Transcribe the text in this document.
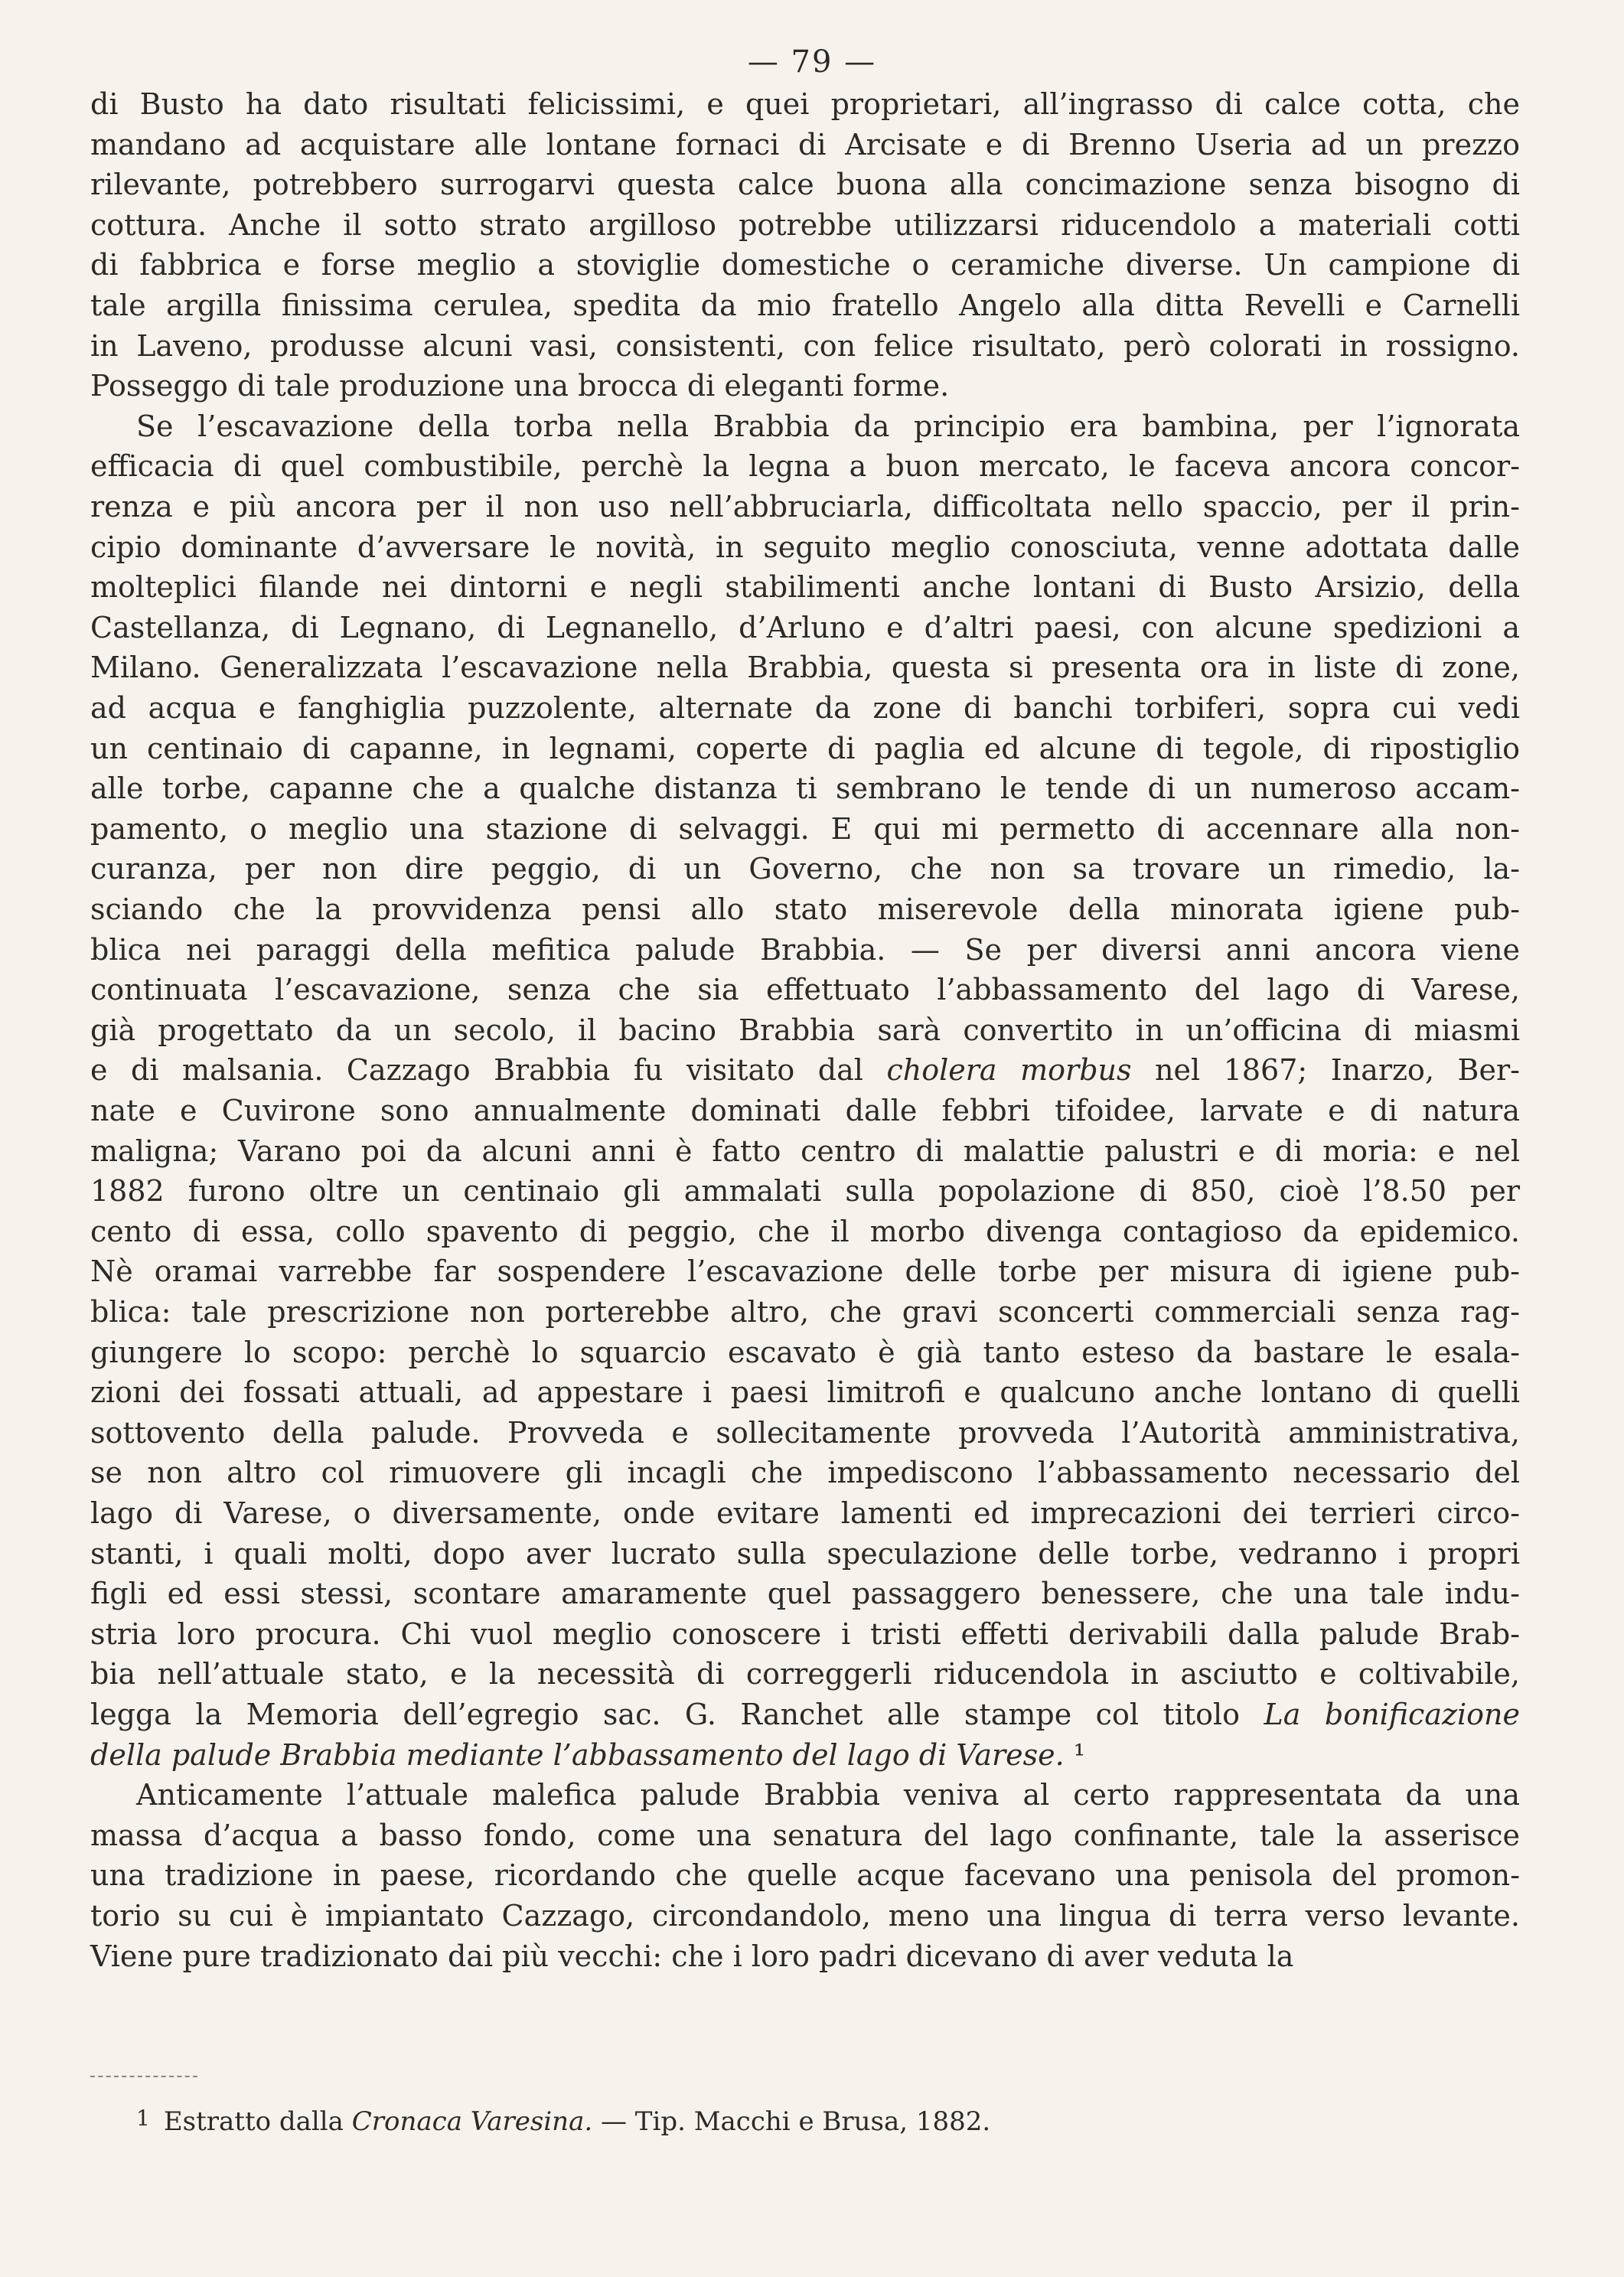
— 79 —
di Busto ha dato risultati felicissimi, e quei proprietari, all’ingrasso di calce cotta, che
mandano ad acquistare alle lontane fornaci di Arcisate e di Brenno Useria ad un prezzo
rilevante, potrebbero surrogarvi questa calce buona alla concimazione senza bisogno di
cottura. Anche il sotto strato argilloso potrebbe utilizzarsi riducendolo a materiali cotti
di fabbrica e forse meglio a stoviglie domestiche o ceramiche diverse. Un campione di
tale argilla finissima cerulea, spedita da mio fratello Angelo alla ditta Revelli e Carnelli
in Laveno, produsse alcuni vasi, consistenti, con felice risultato, però colorati in rossigno.
Posseggo di tale produzione una brocca di eleganti forme.
Se l’escavazione della torba nella Brabbia da principio era bambina, per l’ignorata
efficacia di quel combustibile, perchè la legna a buon mercato, le faceva ancora concor-
renza e più ancora per il non uso nell’abbruciarla, difficoltata nello spaccio, per il prin-
cipio dominante d’avversare le novità, in seguito meglio conosciuta, venne adottata dalle
molteplici filande nei dintorni e negli stabilimenti anche lontani di Busto Arsizio, della
Castellanza, di Legnano, di Legnanello, d’Arluno e d’altri paesi, con alcune spedizioni a
Milano. Generalizzata l’escavazione nella Brabbia, questa si presenta ora in liste di zone,
ad acqua e fanghiglia puzzolente, alternate da zone di banchi torbiferi, sopra cui vedi
un centinaio di capanne, in legnami, coperte di paglia ed alcune di tegole, di ripostiglio
alle torbe, capanne che a qualche distanza ti sembrano le tende di un numeroso accam-
pamento, o meglio una stazione di selvaggi. E qui mi permetto di accennare alla non-
curanza, per non dire peggio, di un Governo, che non sa trovare un rimedio, la-
sciando che la provvidenza pensi allo stato miserevole della minorata igiene pub-
blica nei paraggi della mefitica palude Brabbia. — Se per diversi anni ancora viene
continuata l’escavazione, senza che sia effettuato l’abbassamento del lago di Varese,
già progettato da un secolo, il bacino Brabbia sarà convertito in un’officina di miasmi
e di malsania. Cazzago Brabbia fu visitato dal cholera morbus nel 1867; Inarzo, Ber-
nate e Cuvirone sono annualmente dominati dalle febbri tifoidee, larvate e di natura
maligna; Varano poi da alcuni anni è fatto centro di malattie palustri e di moria: e nel
1882 furono oltre un centinaio gli ammalati sulla popolazione di 850, cioè l’8.50 per
cento di essa, collo spavento di peggio, che il morbo divenga contagioso da epidemico.
Nè oramai varrebbe far sospendere l’escavazione delle torbe per misura di igiene pub-
blica: tale prescrizione non porterebbe altro, che gravi sconcerti commerciali senza rag-
giungere lo scopo: perchè lo squarcio escavato è già tanto esteso da bastare le esala-
zioni dei fossati attuali, ad appestare i paesi limitrofi e qualcuno anche lontano di quelli
sottovento della palude. Provveda e sollecitamente provveda l’Autorità amministrativa,
se non altro col rimuovere gli incagli che impediscono l’abbassamento necessario del
lago di Varese, o diversamente, onde evitare lamenti ed imprecazioni dei terrieri circo-
stanti, i quali molti, dopo aver lucrato sulla speculazione delle torbe, vedranno i propri
figli ed essi stessi, scontare amaramente quel passaggero benessere, che una tale indu-
stria loro procura. Chi vuol meglio conoscere i tristi effetti derivabili dalla palude Brab-
bia nell’attuale stato, e la necessità di correggerli riducendola in asciutto e coltivabile,
legga la Memoria dell’egregio sac. G. Ranchet alle stampe col titolo La bonificazione
della palude Brabbia mediante l’abbassamento del lago di Varese. ¹
Anticamente l’attuale malefica palude Brabbia veniva al certo rappresentata da una
massa d’acqua a basso fondo, come una senatura del lago confinante, tale la asserisce
una tradizione in paese, ricordando che quelle acque facevano una penisola del promon-
torio su cui è impiantato Cazzago, circondandolo, meno una lingua di terra verso levante.
Viene pure tradizionato dai più vecchi: che i loro padri dicevano di aver veduta la
1 Estratto dalla Cronaca Varesina. — Tip. Macchi e Brusa, 1882.
